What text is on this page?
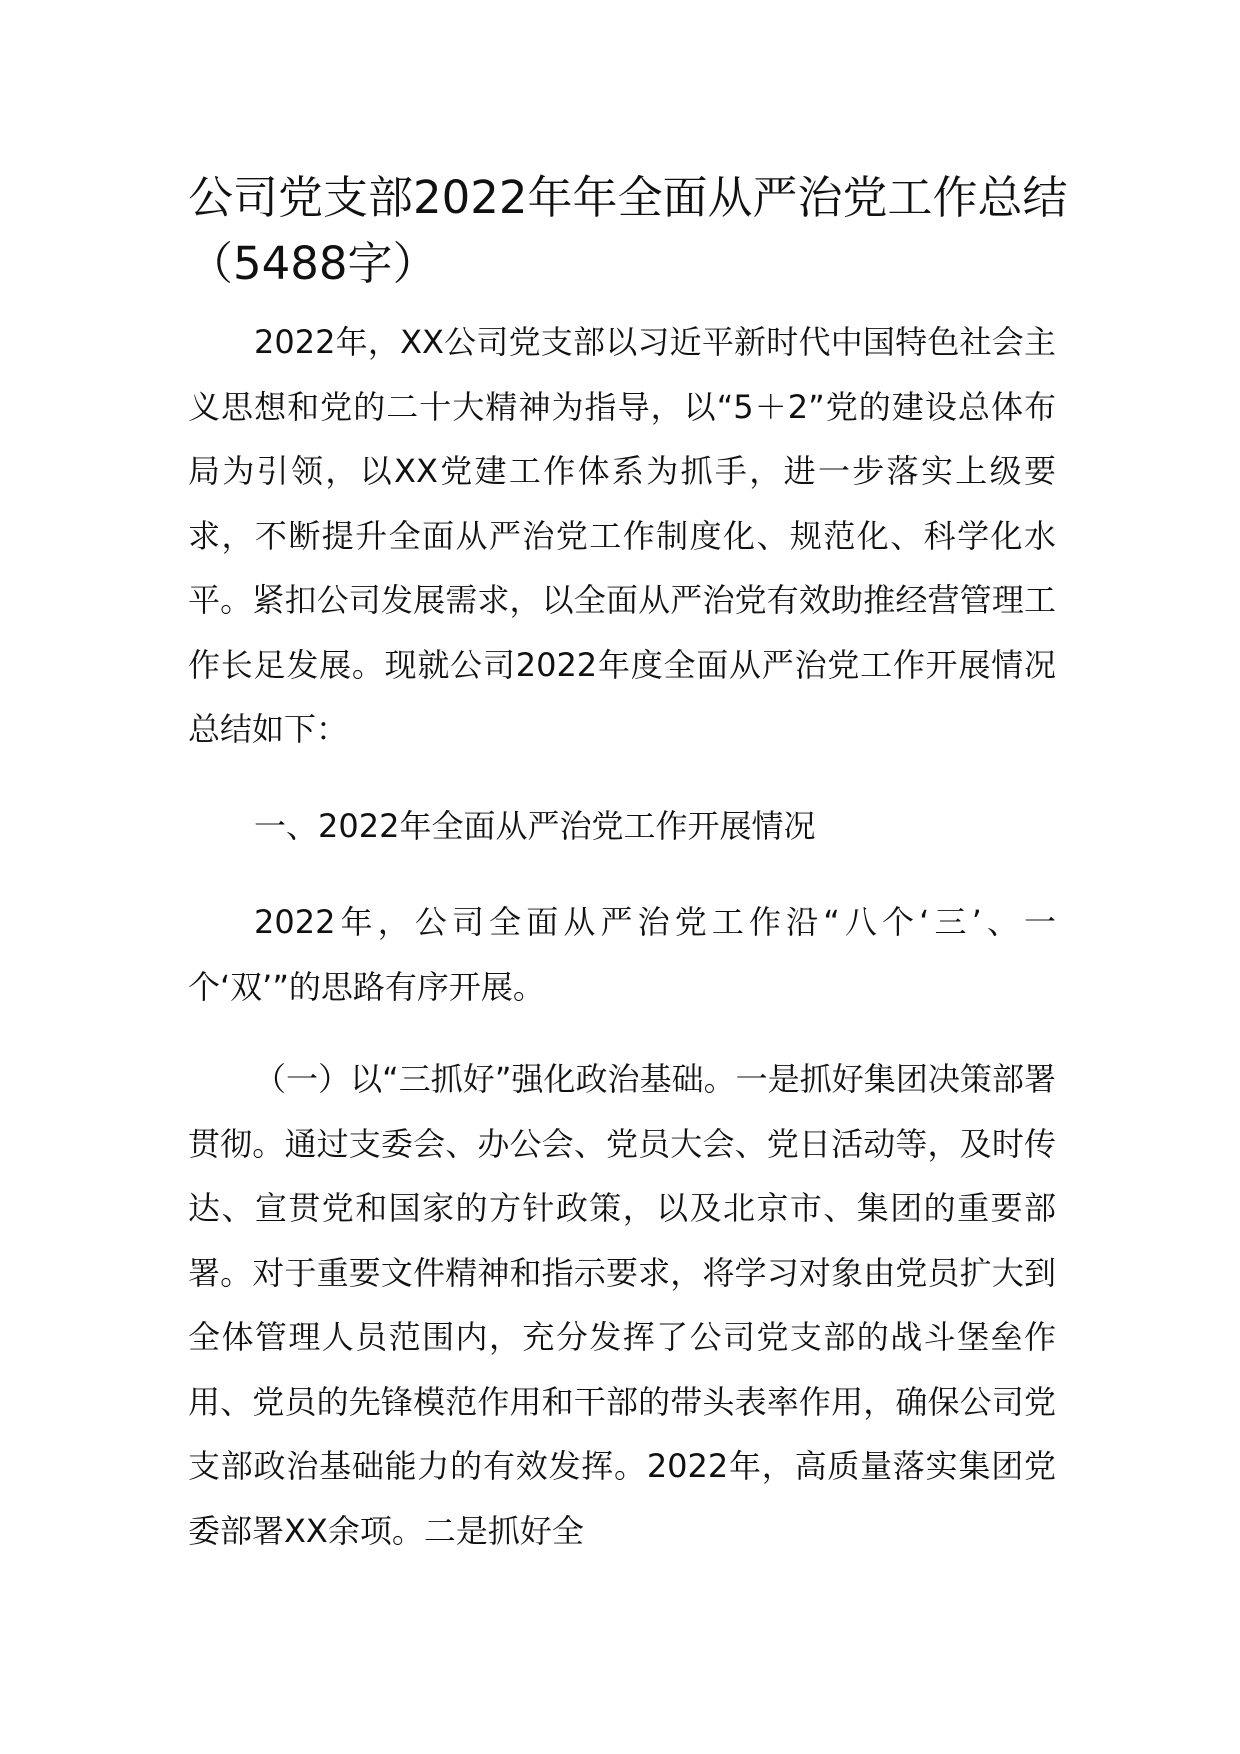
公司党支部2022年年全面从严治党工作总结（5488字）

2022年，XX公司党支部以习近平新时代中国特色社会主义思想和党的二十大精神为指导，以“5＋2”党的建设总体布局为引领，以XX党建工作体系为抓手，进一步落实上级要求，不断提升全面从严治党工作制度化、规范化、科学化水平。紧扣公司发展需求，以全面从严治党有效助推经营管理工作长足发展。现就公司2022年度全面从严治党工作开展情况总结如下：

一、2022年全面从严治党工作开展情况

2022年，公司全面从严治党工作沿“八个‘三’、一个‘双’”的思路有序开展。

（一）以“三抓好”强化政治基础。一是抓好集团决策部署贯彻。通过支委会、办公会、党员大会、党日活动等，及时传达、宣贯党和国家的方针政策，以及北京市、集团的重要部署。对于重要文件精神和指示要求，将学习对象由党员扩大到全体管理人员范围内，充分发挥了公司党支部的战斗堡垒作用、党员的先锋模范作用和干部的带头表率作用，确保公司党支部政治基础能力的有效发挥。2022年，高质量落实集团党委部署XX余项。二是抓好全
